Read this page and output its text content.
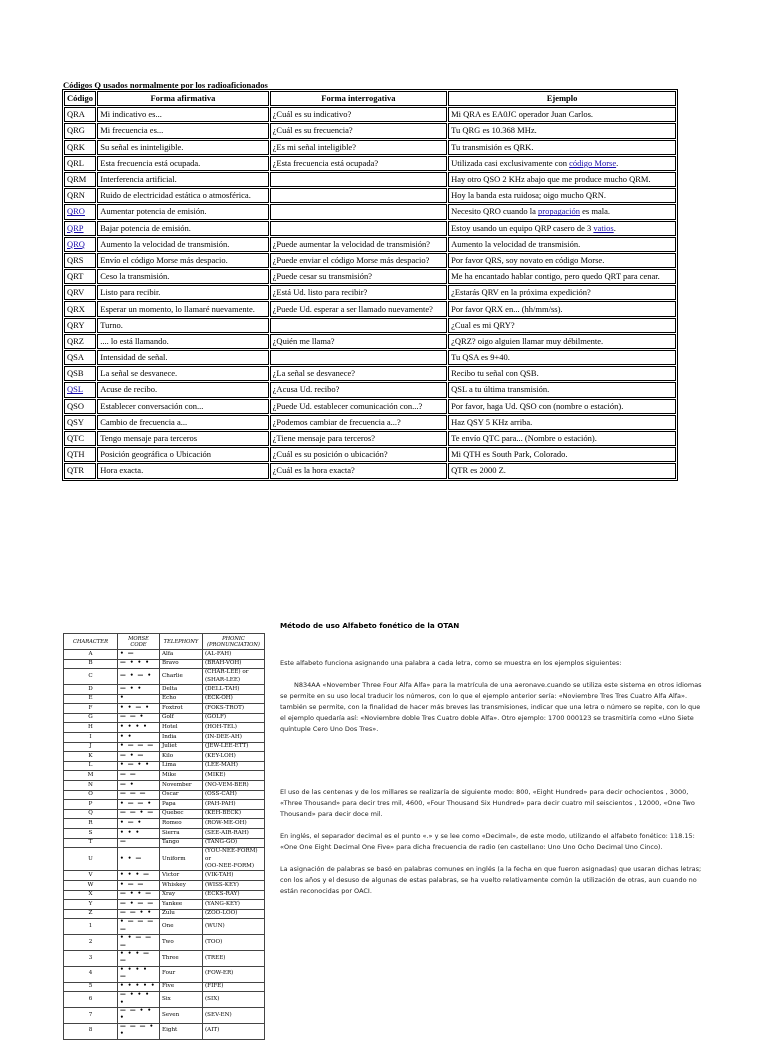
Códigos Q usados normalmente por los radioaficionados
Código	Forma afirmativa	Forma interrogativa	Ejemplo
QRA	Mi indicativo es...	¿Cuál es su indicativo?	Mi QRA es EA0JC operador Juan Carlos.
QRG	Mi frecuencia es...	¿Cuál es su frecuencia?	Tu QRG es 10.368 MHz.
QRK	Su señal es ininteligible.	¿Es mi señal inteligible?	Tu transmisión es QRK.
QRL	Esta frecuencia está ocupada.	¿Esta frecuencia está ocupada?	Utilizada casi exclusivamente con código Morse.
QRM	Interferencia artificial.		Hay otro QSO 2 KHz abajo que me produce mucho QRM.
QRN	Ruido de electricidad estática o atmosférica.		Hoy la banda esta ruidosa; oigo mucho QRN.
QRO	Aumentar potencia de emisión.		Necesito QRO cuando la propagación es mala.
QRP	Bajar potencia de emisión.		Estoy usando un equipo QRP casero de 3 vatios.
QRQ	Aumento la velocidad de transmisión.	¿Puede aumentar la velocidad de transmisión?	Aumento la velocidad de transmisión.
QRS	Envío el código Morse más despacio.	¿Puede enviar el código Morse más despacio?	Por favor QRS, soy novato en código Morse.
QRT	Ceso la transmisión.	¿Puede cesar su transmisión?	Me ha encantado hablar contigo, pero quedo QRT para cenar.
QRV	Listo para recibir.	¿Está Ud. listo para recibir?	¿Estarás QRV en la próxima expedición?
QRX	Esperar un momento, lo llamaré nuevamente.	¿Puede Ud. esperar a ser llamado nuevamente?	Por favor QRX en... (hh/mm/ss).
QRY	Turno.		¿Cual es mi QRY?
QRZ	.... lo está llamando.	¿Quién me llama?	¿QRZ? oigo alguien llamar muy débilmente.
QSA	Intensidad de señal.		Tu QSA es 9+40.
QSB	La señal se desvanece.	¿La señal se desvanece?	Recibo tu señal con QSB.
QSL	Acuse de recibo.	¿Acusa Ud. recibo?	QSL a tu última transmisión.
QSO	Establecer conversación con...	¿Puede Ud. establecer comunicación con...?	Por favor, haga Ud. QSO con (nombre o estación).
QSY	Cambio de frecuencia a...	¿Podemos cambiar de frecuencia a...?	Haz QSY 5 KHz arriba.
QTC	Tengo mensaje para terceros	¿Tiene mensaje para terceros?	Te envío QTC para... (Nombre o estación).
QTH	Posición geográfica o Ubicación	¿Cuál es su posición o ubicación?	Mi QTH es South Park, Colorado.
QTR	Hora exacta.	¿Cuál es la hora exacta?	QTR es 2000 Z.
CHARACTER	MORSE CODE	TELEPHONY	PHONIC (PRONUNCIATION)
A	• —	Alfa	(AL-FAH)
B	— • • •	Bravo	(BRAH-VOH)
C	— • — •	Charlie	(CHAR-LEE) or
(SHAR-LEE)
D	— • •	Delta	(DELL-TAH)
E	•	Echo	(ECK-OH)
F	• • — •	Foxtrot	(FOKS-TROT)
G	— — •	Golf	(GOLF)
H	• • • •	Hotel	(HOH-TEL)
I	• •	India	(IN-DEE-AH)
J	• — — —	Juliet	(JEW-LEE-ETT)
K	— • —	Kilo	(KEY-LOH)
L	• — • •	Lima	(LEE-MAH)
M	— —	Mike	(MIKE)
N	— •	November	(NO-VEM-BER)
O	— — —	Oscar	(OSS-CAH)
P	• — — •	Papa	(PAH-PAH)
Q	— — • —	Quebec	(KEH-BECK)
R	• — •	Romeo	(ROW-ME-OH)
S	• • •	Sierra	(SEE-AIR-RAH)
T	—	Tango	(TANG-GO)
U	• • —	Uniform	(YOU-NEE-FORM)
or
(OO-NEE-FORM)
V	• • • —	Victor	(VIK-TAH)
W	• — —	Whiskey	(WISS-KEY)
X	— • • —	Xray	(ECKS-RAY)
Y	— • — —	Yankee	(YANG-KEY)
Z	— — • •	Zulu	(ZOO-LOO)
1	• — — — —	One	(WUN)
2	• • — — —	Two	(TOO)
3	• • • — —	Three	(TREE)
4	• • • • —	Four	(FOW-ER)
5	• • • • •	Five	(FIFE)
6	— • • • •	Six	(SIX)
7	— — • • •	Seven	(SEV-EN)
8	— — — • •	Eight	(AIT)
Método de uso Alfabeto fonético de la OTAN

Este alfabeto funciona asignando una palabra a cada letra, como se muestra en los ejemplos siguientes:

N834AA «November Three Four Alfa Alfa» para la matrícula de una aeronave.cuando se utiliza este sistema en otros idiomas se permite en su uso local traducir los números, con lo que el ejemplo anterior sería: «Noviembre Tres Tres Cuatro Alfa Alfa». también se permite, con la finalidad de hacer más breves las transmisiones, indicar que una letra o número se repite, con lo que el ejemplo quedaría así: «Noviembre doble Tres Cuatro doble Alfa». Otro ejemplo: 1700 000123 se trasmitiría como «Uno Siete quíntuple Cero Uno Dos Tres».

El uso de las centenas y de los millares se realizaría de siguiente modo: 800, «Eight Hundred» para decir ochocientos , 3000, «Three Thousand» para decir tres mil, 4600, «Four Thousand Six Hundred» para decir cuatro mil seiscientos , 12000, «One Two Thousand» para decir doce mil.

En inglés, el separador decimal es el punto «.» y se lee como «Decimal», de este modo, utilizando el alfabeto fonético: 118.15: «One One Eight Decimal One Five» para dicha frecuencia de radio (en castellano: Uno Uno Ocho Decimal Uno Cinco).

La asignación de palabras se basó en palabras comunes en inglés (a la fecha en que fueron asignadas) que usaran dichas letras; con los años y el desuso de algunas de estas palabras, se ha vuelto relativamente común la utilización de otras, aun cuando no están reconocidas por OACI.
